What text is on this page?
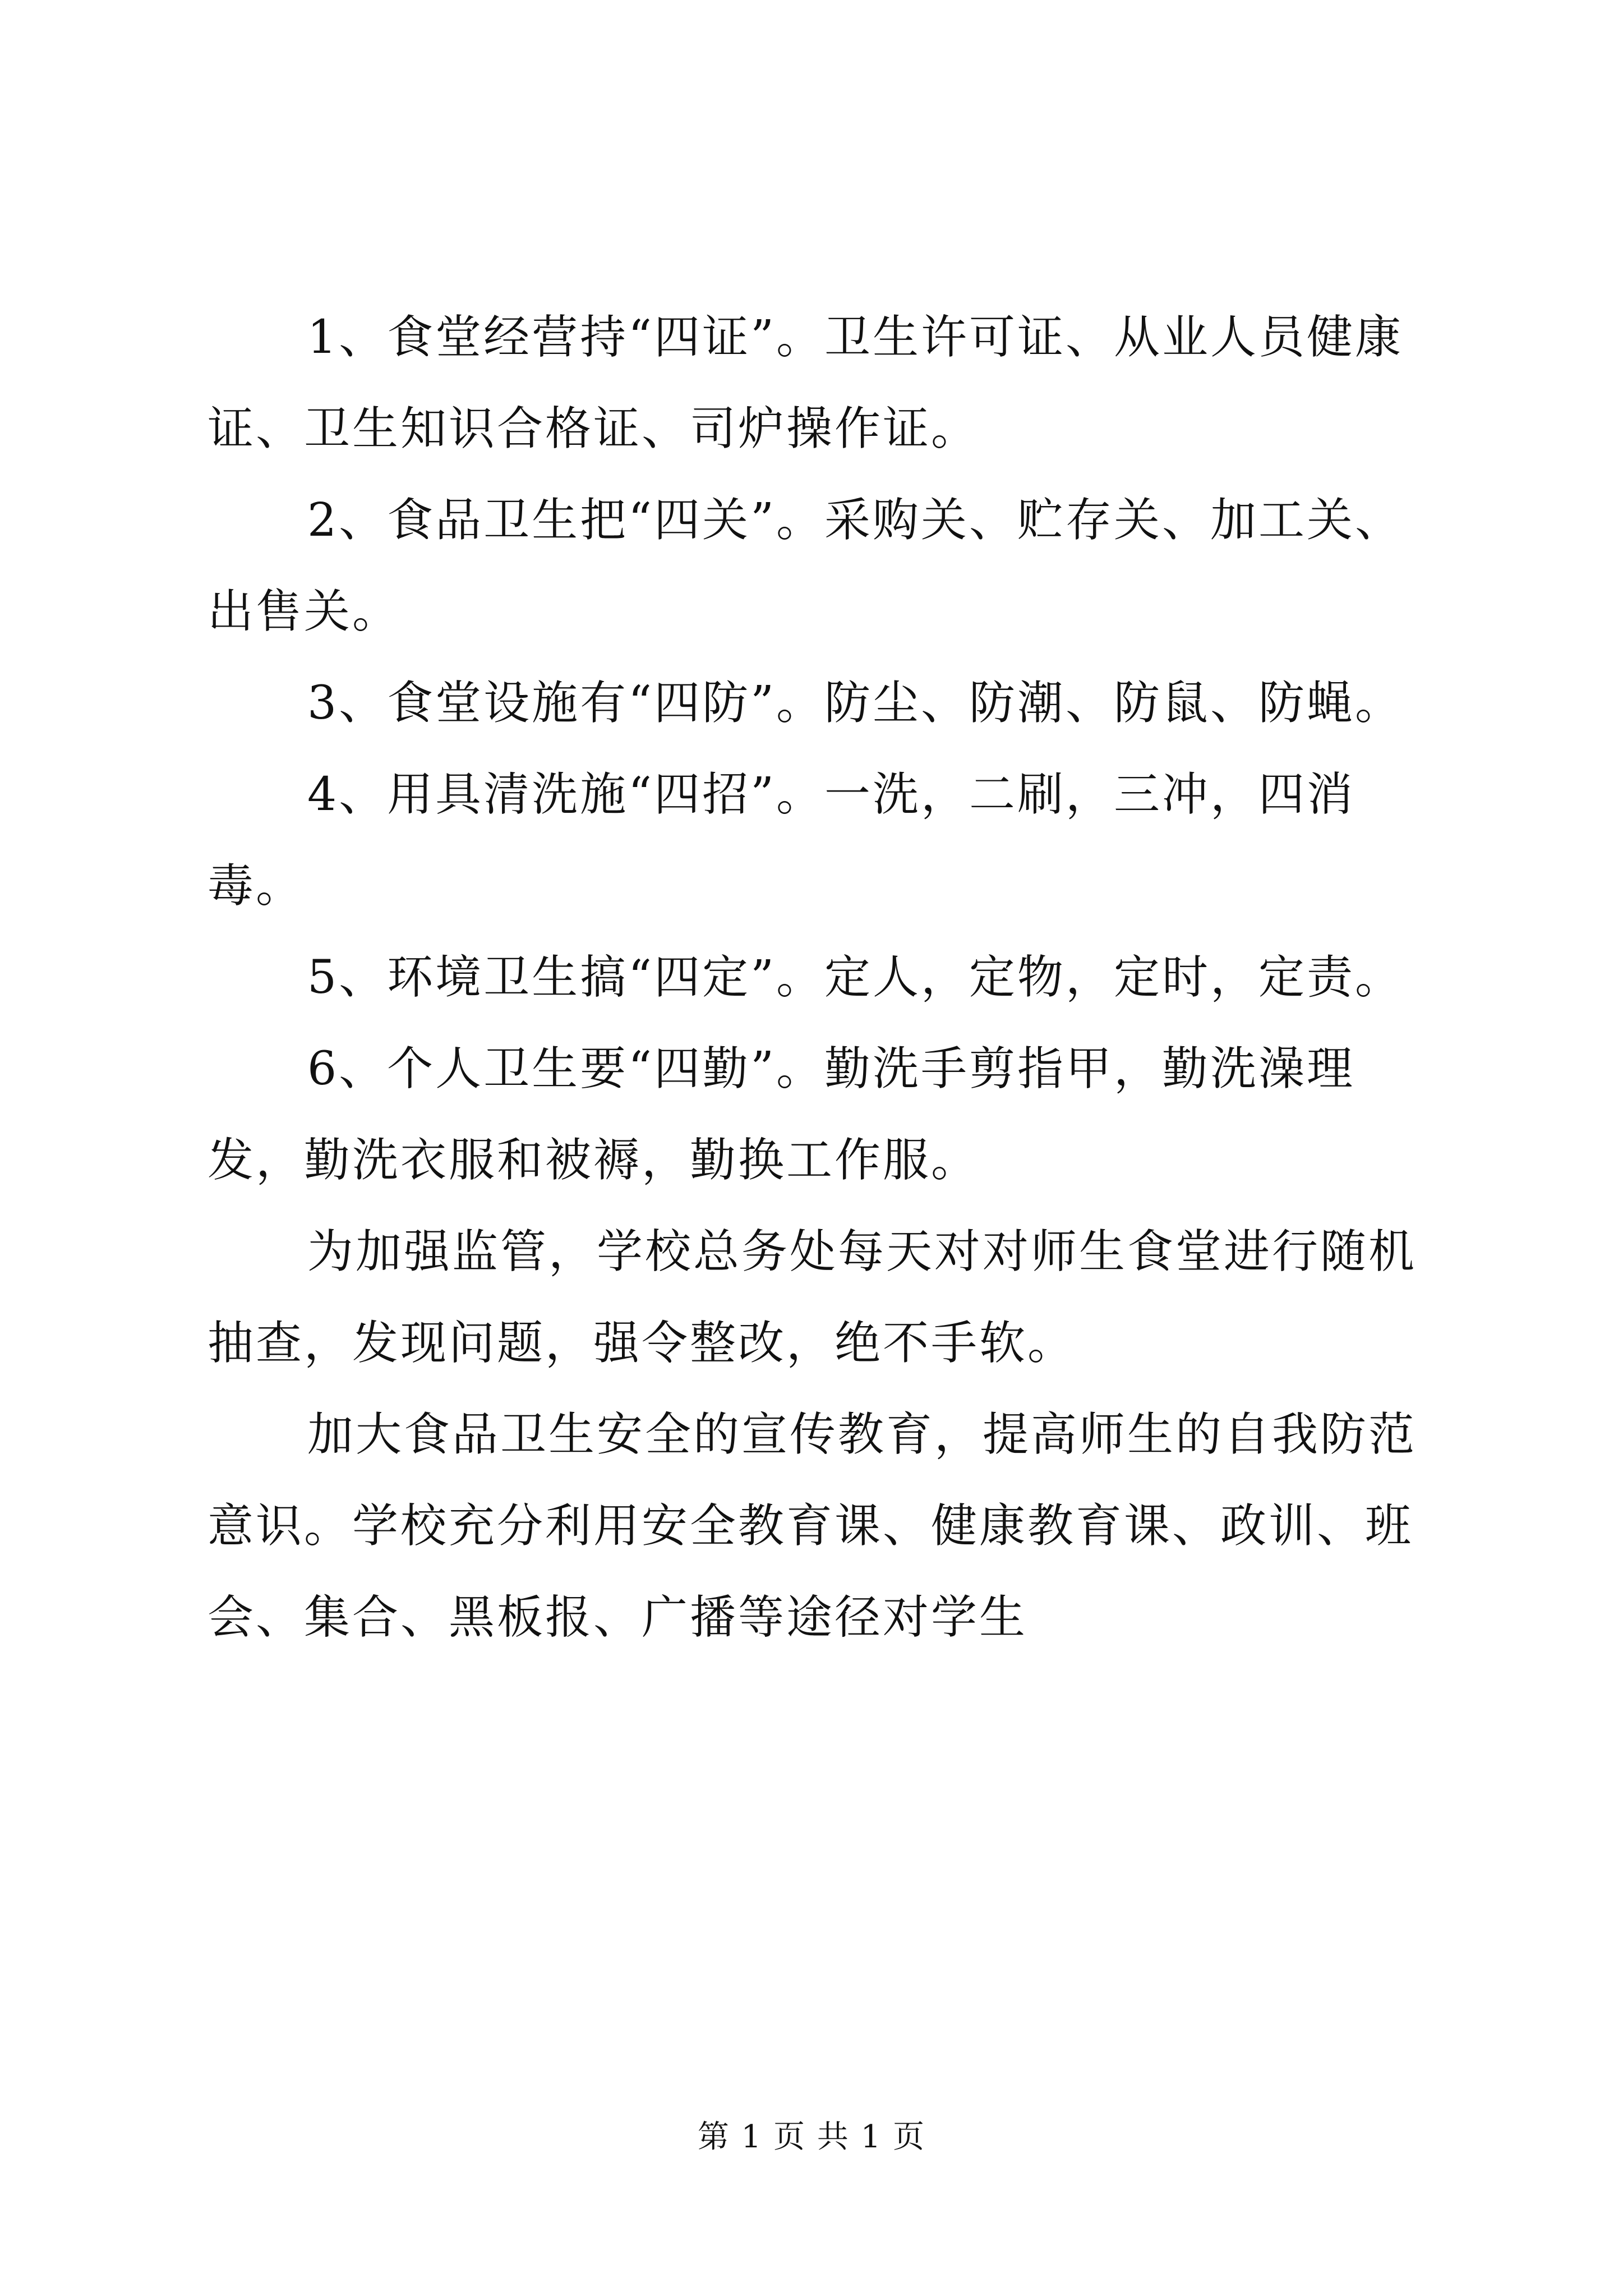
1、食堂经营持“四证”。卫生许可证、从业人员健康证、卫生知识合格证、司炉操作证。

2、食品卫生把“四关”。采购关、贮存关、加工关、出售关。

3、食堂设施有“四防”。防尘、防潮、防鼠、防蝇。

4、用具清洗施“四招”。一洗，二刷，三冲，四消毒。

5、环境卫生搞“四定”。定人，定物，定时，定责。

6、个人卫生要“四勤”。勤洗手剪指甲，勤洗澡理发，勤洗衣服和被褥，勤换工作服。

为加强监管，学校总务处每天对对师生食堂进行随机抽查，发现问题，强令整改，绝不手软。

加大食品卫生安全的宣传教育，提高师生的自我防范意识。学校充分利用安全教育课、健康教育课、政训、班会、集合、黑板报、广播等途径对学生

第 1 页 共 1 页
